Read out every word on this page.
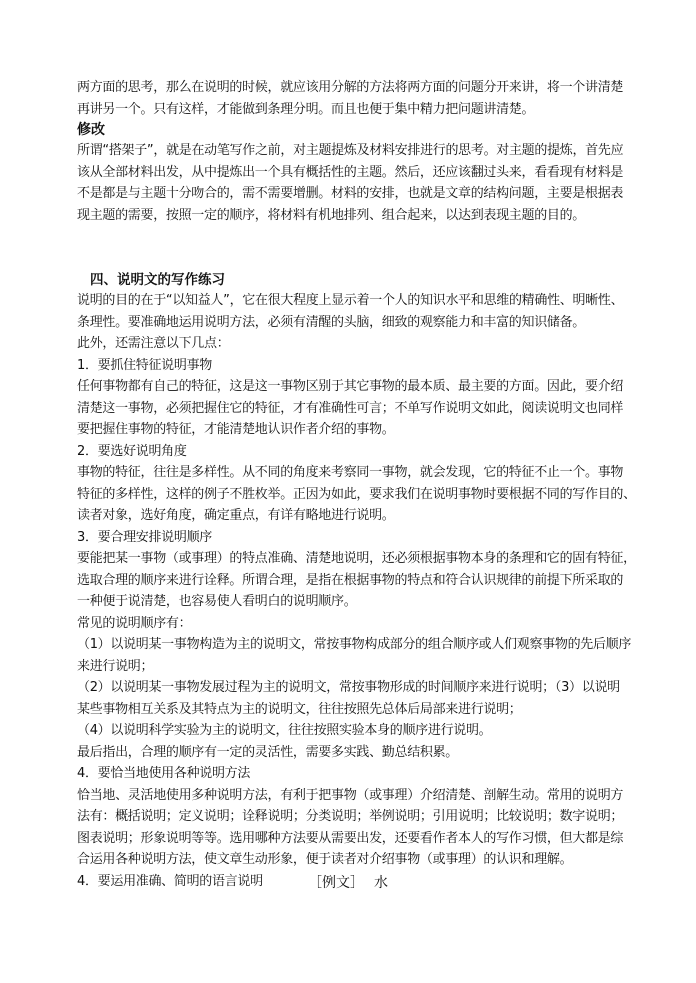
两方面的思考，那么在说明的时候，就应该用分解的方法将两方面的问题分开来讲，将一个讲清楚
再讲另一个。只有这样，才能做到条理分明。而且也便于集中精力把问题讲清楚。
修改
所谓“搭架子”，就是在动笔写作之前，对主题提炼及材料安排进行的思考。对主题的提炼，首先应
该从全部材料出发，从中提炼出一个具有概括性的主题。然后，还应该翻过头来，看看现有材料是
不是都是与主题十分吻合的，需不需要增删。材料的安排，也就是文章的结构问题，主要是根据表
现主题的需要，按照一定的顺序，将材料有机地排列、组合起来，以达到表现主题的目的。
四、说明文的写作练习
说明的目的在于“以知益人”，它在很大程度上显示着一个人的知识水平和思维的精确性、明晰性、
条理性。要准确地运用说明方法，必须有清醒的头脑，细致的观察能力和丰富的知识储备。
此外，还需注意以下几点：
1．要抓住特征说明事物
任何事物都有自己的特征，这是这一事物区别于其它事物的最本质、最主要的方面。因此，要介绍
清楚这一事物，必须把握住它的特征，才有准确性可言；不单写作说明文如此，阅读说明文也同样
要把握住事物的特征，才能清楚地认识作者介绍的事物。
2．要选好说明角度
事物的特征，往往是多样性。从不同的角度来考察同一事物，就会发现，它的特征不止一个。事物
特征的多样性，这样的例子不胜枚举。正因为如此，要求我们在说明事物时要根据不同的写作目的、
读者对象，选好角度，确定重点，有详有略地进行说明。
3．要合理安排说明顺序
要能把某一事物（或事理）的特点准确、清楚地说明，还必须根据事物本身的条理和它的固有特征，
选取合理的顺序来进行诠释。所谓合理，是指在根据事物的特点和符合认识规律的前提下所采取的
一种便于说清楚，也容易使人看明白的说明顺序。
常见的说明顺序有：
（1）以说明某一事物构造为主的说明文，常按事物构成部分的组合顺序或人们观察事物的先后顺序
来进行说明；
（2）以说明某一事物发展过程为主的说明文，常按事物形成的时间顺序来进行说明；（3）以说明
某些事物相互关系及其特点为主的说明文，往往按照先总体后局部来进行说明；
（4）以说明科学实验为主的说明文，往往按照实验本身的顺序进行说明。
最后指出，合理的顺序有一定的灵活性，需要多实践、勤总结积累。
4．要恰当地使用各种说明方法
恰当地、灵活地使用多种说明方法，有利于把事物（或事理）介绍清楚、剖解生动。常用的说明方
法有：概括说明；定义说明；诠释说明；分类说明；举例说明；引用说明；比较说明；数字说明；
图表说明；形象说明等等。选用哪种方法要从需要出发，还要看作者本人的写作习惯，但大都是综
合运用各种说明方法，使文章生动形象，便于读者对介绍事物（或事理）的认识和理解。
4．要运用准确、简明的语言说明	［例文］ 水
